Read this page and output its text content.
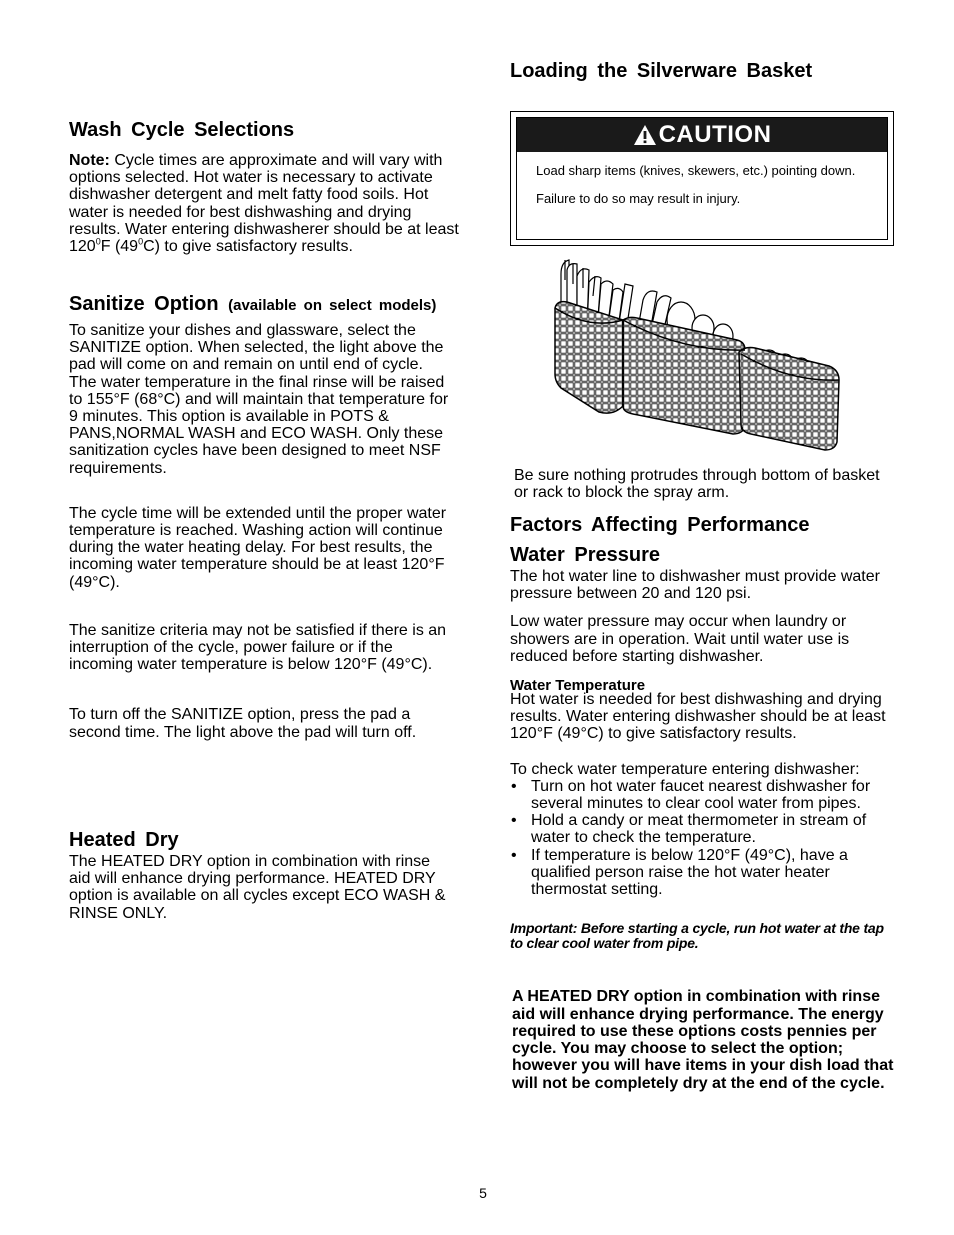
Wash Cycle Selections

Note: Cycle times are approximate and will vary with options selected. Hot water is necessary to activate dishwasher detergent and melt fatty food soils. Hot water is needed for best dishwashing and drying results. Water entering dishwasherer should be at least $120^0F$ $(49^0C)$ to give satisfactory results.

Sanitize Option (available on select models)

To sanitize your dishes and glassware, select the SANITIZE option. When selected, the light above the pad will come on and remain on until end of cycle. The water temperature in the final rinse will be raised to 155°F (68°C) and will maintain that temperature for 9 minutes. This option is available in POTS & PANS,NORMAL WASH and ECO WASH. Only these sanitization cycles have been designed to meet NSF requirements.

The cycle time will be extended until the proper water temperature is reached. Washing action will continue during the water heating delay. For best results, the incoming water temperature should be at least 120°F (49°C).

The sanitize criteria may not be satisfied if there is an interruption of the cycle, power failure or if the incoming water temperature is below 120°F (49°C).

To turn off the SANITIZE option, press the pad a second time. The light above the pad will turn off.

Heated Dry

The HEATED DRY option in combination with rinse aid will enhance drying performance. HEATED DRY option is available on all cycles except ECO WASH & RINSE ONLY.

Loading the Silverware Basket
CAUTION

Load sharp items (knives, skewers, etc.) pointing down.

Failure to do so may result in injury.

Be sure nothing protrudes through bottom of basket or rack to block the spray arm.

Factors Affecting Performance
Water Pressure

The hot water line to dishwasher must provide water pressure between 20 and 120 psi.

Low water pressure may occur when laundry or showers are in operation. Wait until water use is reduced before starting dishwasher.

Water Temperature

Hot water is needed for best dishwashing and drying results. Water entering dishwasher should be at least 120°F (49°C) to give satisfactory results.

To check water temperature entering dishwasher:

• Turn on hot water faucet nearest dishwasher for several minutes to clear cool water from pipes.
• Hold a candy or meat thermometer in stream of water to check the temperature.
• If temperature is below 120°F (49°C), have a qualified person raise the hot water heater thermostat setting.

Important: Before starting a cycle, run hot water at the tap to clear cool water from pipe.

A HEATED DRY option in combination with rinse aid will enhance drying performance. The energy required to use these options costs pennies per cycle. You may choose to select the option; however you will have items in your dish load that will not be completely dry at the end of the cycle.

5
